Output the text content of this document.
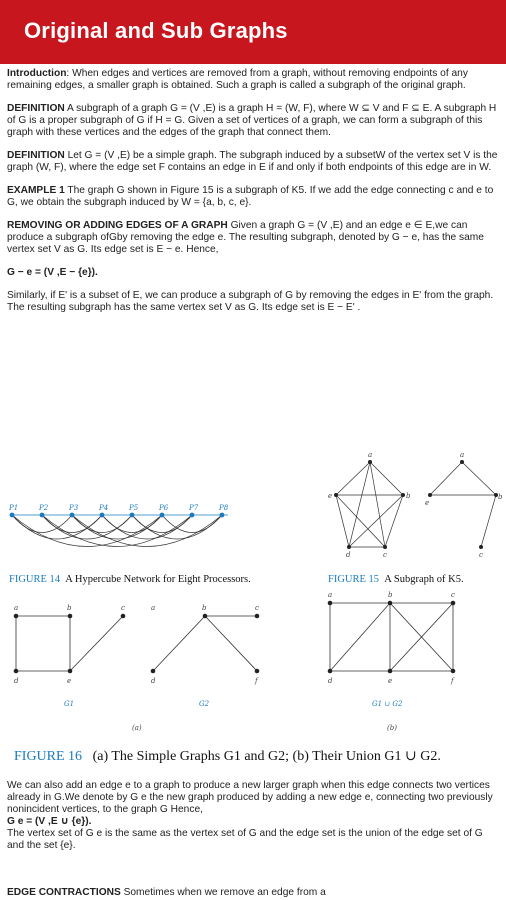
Original and Sub Graphs

Introduction: When edges and vertices are removed from a graph, without removing endpoints of any remaining edges, a smaller graph is obtained. Such a graph is called a subgraph of the original graph.

DEFINITION A subgraph of a graph G = (V ,E) is a graph H = (W, F), where W ⊆ V and F ⊆ E. A subgraph H of G is a proper subgraph of G if H = G. Given a set of vertices of a graph, we can form a subgraph of this graph with these vertices and the edges of the graph that connect them.

DEFINITION Let G = (V ,E) be a simple graph. The subgraph induced by a subsetW of the vertex set V is the graph (W, F), where the edge set F contains an edge in E if and only if both endpoints of this edge are in W.

EXAMPLE 1 The graph G shown in Figure 15 is a subgraph of K5. If we add the edge connecting c and e to G, we obtain the subgraph induced by W = {a, b, c, e}.

REMOVING OR ADDING EDGES OF A GRAPH Given a graph G = (V ,E) and an edge e ∈ E,we can produce a subgraph ofGby removing the edge e. The resulting subgraph, denoted by G − e, has the same vertex set V as G. Its edge set is E − e. Hence,

G − e = (V ,E − {e}).

Similarly, if E' is a subset of E, we can produce a subgraph of G by removing the edges in E' from the graph. The resulting subgraph has the same vertex set V as G. Its edge set is E − E' .

P1	P2	P3	P4	P5	P6	P7	P8
a
b
c
d
e
a
b
c
e
a	b	c
d	e
G1
a	b	c
d	f
G2
(a)
a	b	c
d	e	f
G1 ∪ G2
(b)
FIGURE 14 A Hypercube Network for Eight Processors.	FIGURE 15 A Subgraph of K5.
FIGURE 16 (a) The Simple Graphs G1 and G2; (b) Their Union G1 ∪ G2.

We can also add an edge e to a graph to produce a new larger graph when this edge connects two vertices already in G.We denote by G e the new graph produced by adding a new edge e, connecting two previously nonincident vertices, to the graph G Hence,

G e = (V ,E ∪ {e}).

The vertex set of G e is the same as the vertex set of G and the edge set is the union of the edge set of G and the set {e}.

EDGE CONTRACTIONS Sometimes when we remove an edge from a
